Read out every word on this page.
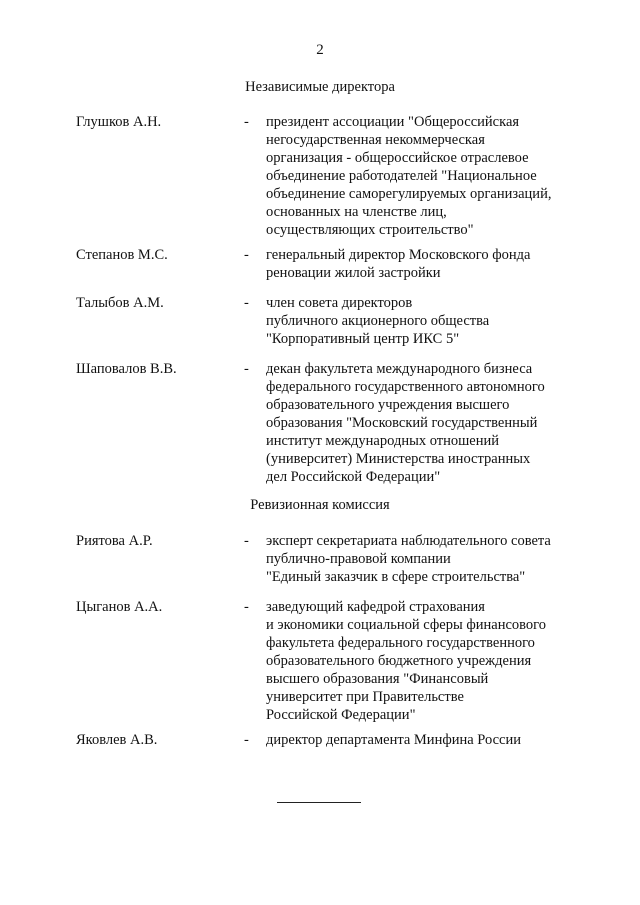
2
Независимые директора
Глушков А.Н.	- президент ассоциации "Общероссийская
негосударственная некоммерческая
организация - общероссийское отраслевое
объединение работодателей "Национальное
объединение саморегулируемых организаций,
основанных на членстве лиц,
осуществляющих строительство"
Степанов М.С.	- генеральный директор Московского фонда
реновации жилой застройки
Талыбов А.М.	- член совета директоров
публичного акционерного общества
"Корпоративный центр ИКС 5"
Шаповалов В.В.	- декан факультета международного бизнеса
федерального государственного автономного
образовательного учреждения высшего
образования "Московский государственный
институт международных отношений
(университет) Министерства иностранных
дел Российской Федерации"
Ревизионная комиссия
Риятова А.Р.	- эксперт секретариата наблюдательного совета
публично-правовой компании
"Единый заказчик в сфере строительства"
Цыганов А.А.	- заведующий кафедрой страхования
и экономики социальной сферы финансового
факультета федерального государственного
образовательного бюджетного учреждения
высшего образования "Финансовый
университет при Правительстве
Российской Федерации"
Яковлев А.В.	- директор департамента Минфина России
